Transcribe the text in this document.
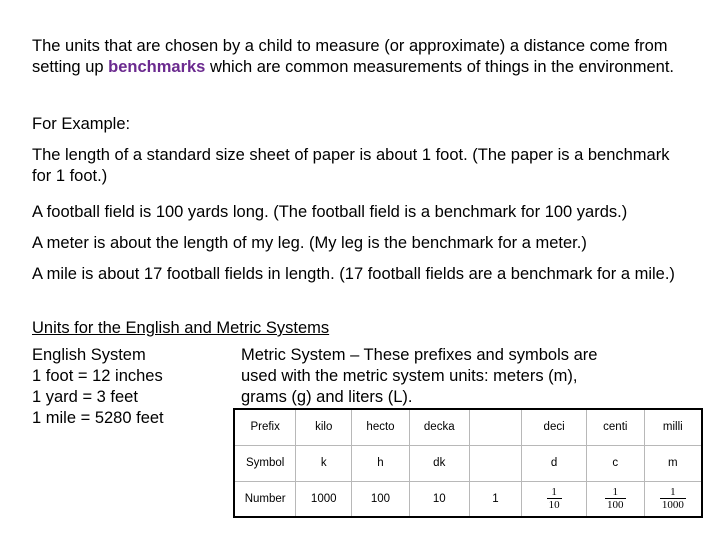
The units that are chosen by a child to measure (or approximate) a distance come from setting up benchmarks which are common measurements of things in the environment.

For Example:

The length of a standard size sheet of paper is about 1 foot. (The paper is a benchmark for 1 foot.)

A football field is 100 yards long. (The football field is a benchmark for 100 yards.)

A meter is about the length of my leg. (My leg is the benchmark for a meter.)

A mile is about 17 football fields in length. (17 football fields are a benchmark for a mile.)

Units for the English and Metric Systems

English System
1 foot = 12 inches
1 yard = 3 feet
1 mile = 5280 feet
Metric System – These prefixes and symbols are
used with the metric system units: meters (m),
grams (g) and liters (L).
Prefix	kilo	hecto	decka		deci	centi	milli
Symbol	k	h	dk		d	c	m
Number	1000	100	10	1	$\frac{1}{10}$	$\frac{1}{100}$	$\frac{1}{1000}$
